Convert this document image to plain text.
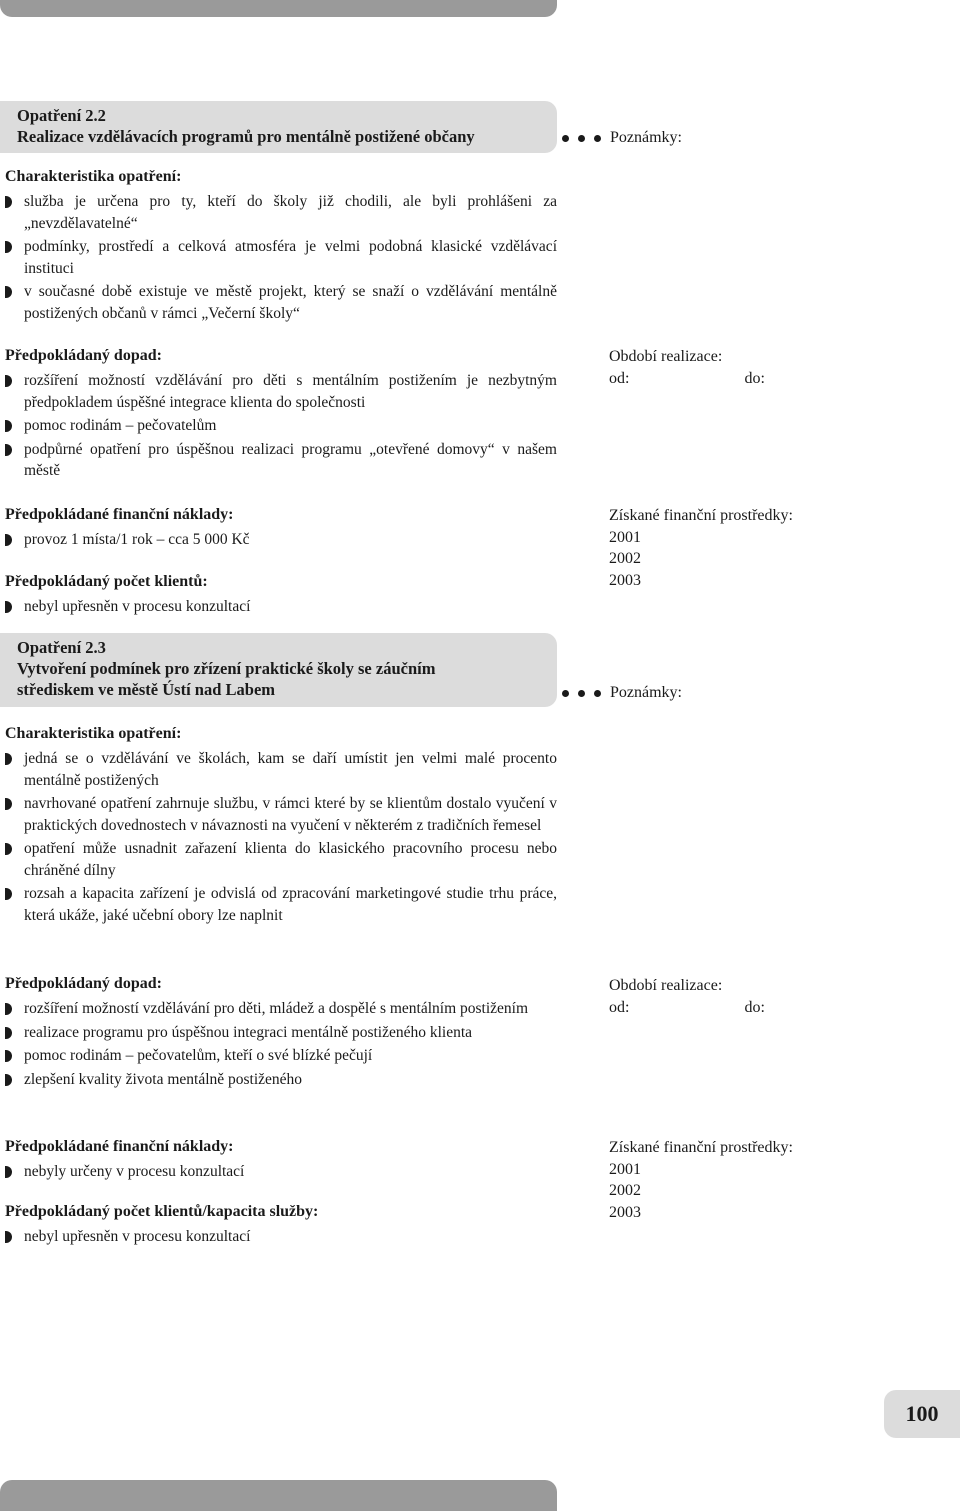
Opatření 2.2
Realizace vzdělávacích programů pro mentálně postižené občany	Poznámky:
Charakteristika opatření:
služba je určena pro ty, kteří do školy již chodili, ale byli prohlášeni za „nevzdělavatelné“
podmínky, prostředí a celková atmosféra je velmi podobná klasické vzdělávací instituci
v současné době existuje ve městě projekt, který se snaží o vzdělávání mentálně postižených občanů v rámci „Večerní školy“
Předpokládaný dopad:
rozšíření možností vzdělávání pro děti s mentálním postižením je nezbytným předpokladem úspěšné integrace klienta do společnosti
pomoc rodinám – pečovatelům
podpůrné opatření pro úspěšnou realizaci programu „otevřené domovy“ v našem městě
Období realizace:
od:	do:
Předpokládané finanční náklady:
provoz 1 místa/1 rok – cca 5 000 Kč
Získané finanční prostředky:
2001
2002
2003
Předpokládaný počet klientů:
nebyl upřesněn v procesu konzultací
Opatření 2.3
Vytvoření podmínek pro zřízení praktické školy se záučním
střediskem ve městě Ústí nad Labem	Poznámky:
Charakteristika opatření:
jedná se o vzdělávání ve školách, kam se daří umístit jen velmi malé procento mentálně postižených
navrhované opatření zahrnuje službu, v rámci které by se klientům dostalo vyučení v praktických dovednostech v návaznosti na vyučení v některém z tradičních řemesel
opatření může usnadnit zařazení klienta do klasického pracovního procesu nebo chráněné dílny
rozsah a kapacita zařízení je odvislá od zpracování marketingové studie trhu práce, která ukáže, jaké učební obory lze naplnit
Předpokládaný dopad:
rozšíření možností vzdělávání pro děti, mládež a dospělé s mentálním postižením
realizace programu pro úspěšnou integraci mentálně postiženého klienta
pomoc rodinám – pečovatelům, kteří o své blízké pečují
zlepšení kvality života mentálně postiženého
Období realizace:
od:	do:
Předpokládané finanční náklady:
nebyly určeny v procesu konzultací
Získané finanční prostředky:
2001
2002
2003
Předpokládaný počet klientů/kapacita služby:
nebyl upřesněn v procesu konzultací
100
